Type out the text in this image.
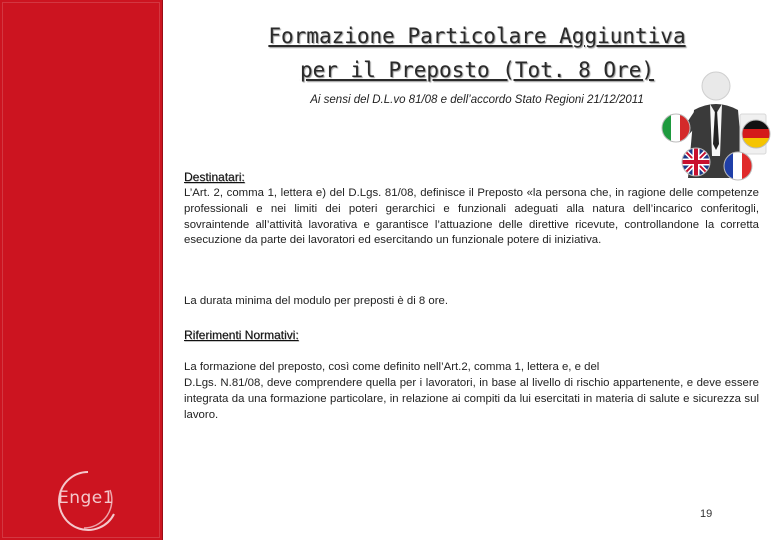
Enge1
Formazione Particolare Aggiuntiva
per il Preposto (Tot. 8 Ore)
Ai sensi del D.L.vo 81/08 e dell’accordo Stato Regioni 21/12/2011
Destinatari:

L’Art. 2, comma 1, lettera e) del D.Lgs. 81/08, definisce il Preposto «la persona che, in ragione delle competenze professionali e nei limiti dei poteri gerarchici e funzionali adeguati alla natura dell’incarico conferitogli, sovraintende all’attività lavorativa e garantisce l’attuazione delle direttive ricevute, controllandone la corretta esecuzione da parte dei lavoratori ed esercitando un funzionale potere di iniziativa.

La durata minima del modulo per preposti è di 8 ore.

Riferimenti Normativi:

La formazione del preposto, così come definito nell’Art.2, comma 1, lettera e, e del

D.Lgs. N.81/08, deve comprendere quella per i lavoratori, in base al livello di rischio appartenente, e deve essere integrata da una formazione particolare, in relazione ai compiti da lui esercitati in materia di salute e sicurezza sul lavoro.

19
